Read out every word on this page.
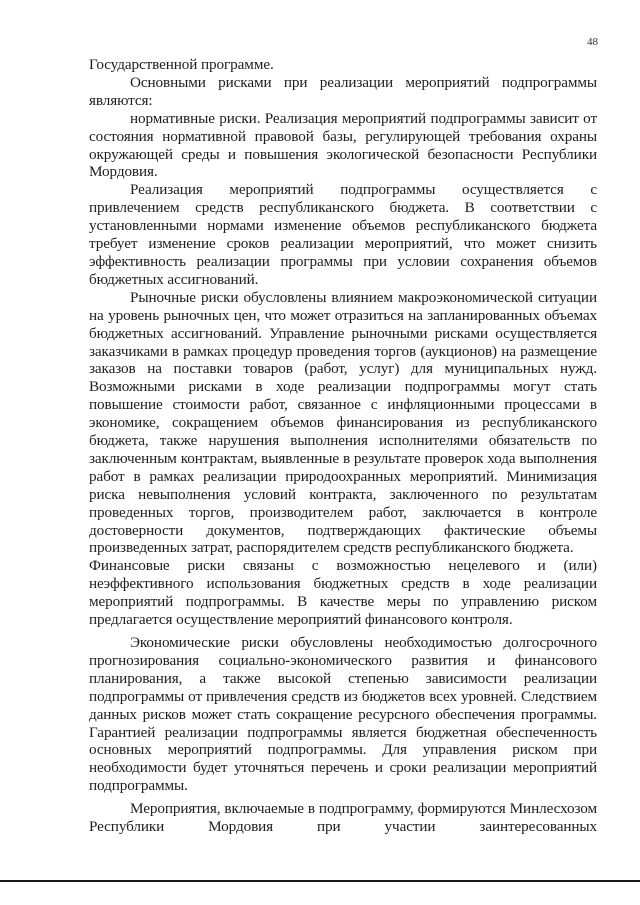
48

Государственной программе.

Основными рисками при реализации мероприятий подпрограммы являются:

нормативные риски. Реализация мероприятий подпрограммы зависит от состояния нормативной правовой базы, регулирующей требования охраны окружающей среды и повышения экологической безопасности Республики Мордовия.

Реализация мероприятий подпрограммы осуществляется с привлечением средств республиканского бюджета. В соответствии с установленными нормами изменение объемов республиканского бюджета требует изменение сроков реализации мероприятий, что может снизить эффективность реализации программы при условии сохранения объемов бюджетных ассигнований.

Рыночные риски обусловлены влиянием макроэкономической ситуации на уровень рыночных цен, что может отразиться на запланированных объемах бюджетных ассигнований. Управление рыночными рисками осуществляется заказчиками в рамках процедур проведения торгов (аукционов) на размещение заказов на поставки товаров (работ, услуг) для муниципальных нужд. Возможными рисками в ходе реализации подпрограммы могут стать повышение стоимости работ, связанное с инфляционными процессами в экономике, сокращением объемов финансирования из республиканского бюджета, также нарушения выполнения исполнителями обязательств по заключенным контрактам, выявленные в результате проверок хода выполнения работ в рамках реализации природоохранных мероприятий. Минимизация риска невыполнения условий контракта, заключенного по результатам проведенных торгов, производителем работ, заключается в контроле достоверности документов, подтверждающих фактические объемы произведенных затрат, распорядителем средств республиканского бюджета.

Финансовые риски связаны с возможностью нецелевого и (или) неэффективного использования бюджетных средств в ходе реализации мероприятий подпрограммы. В качестве меры по управлению риском предлагается осуществление мероприятий финансового контроля.

Экономические риски обусловлены необходимостью долгосрочного прогнозирования социально-экономического развития и финансового планирования, а также высокой степенью зависимости реализации подпрограммы от привлечения средств из бюджетов всех уровней. Следствием данных рисков может стать сокращение ресурсного обеспечения программы. Гарантией реализации подпрограммы является бюджетная обеспеченность основных мероприятий подпрограммы. Для управления риском при необходимости будет уточняться перечень и сроки реализации мероприятий подпрограммы.

Мероприятия, включаемые в подпрограмму, формируются Минлесхозом Республики Мордовия при участии заинтересованных
